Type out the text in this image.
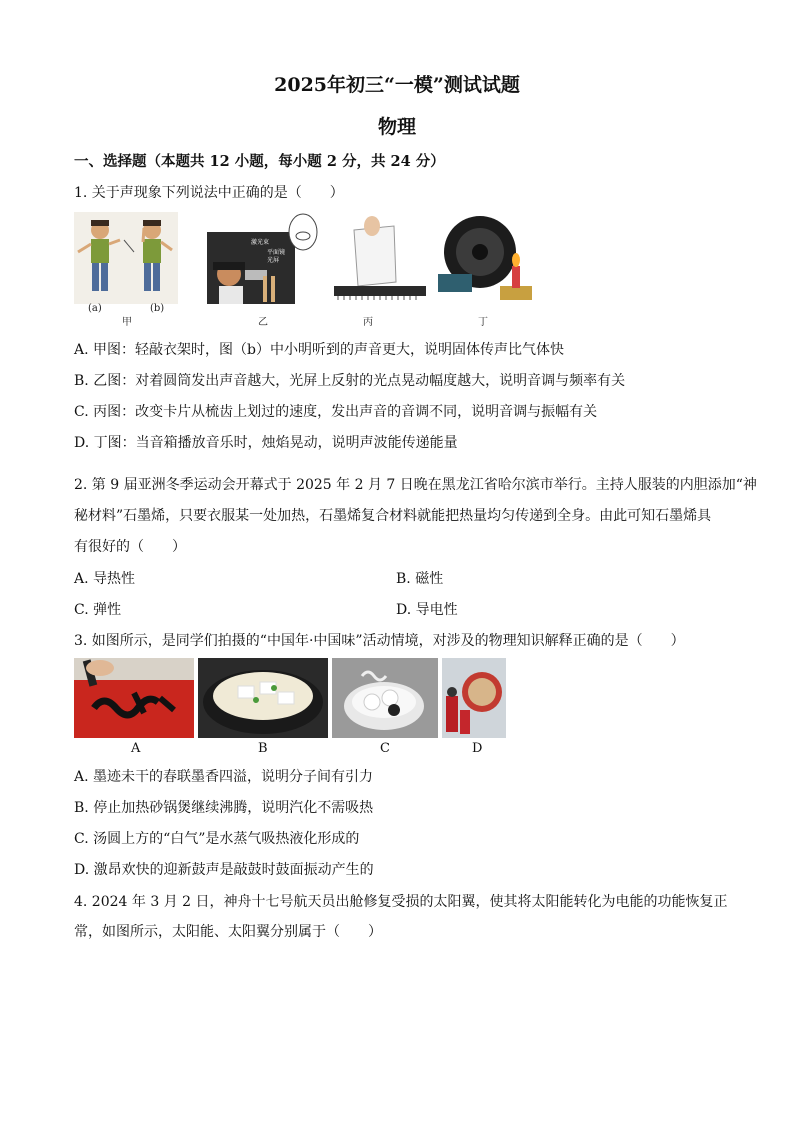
2025年初三“一模”测试试题
物理
一、选择题（本题共 12 小题，每小题 2 分，共 24 分）
1. 关于声现象下列说法中正确的是（　　）
(a)	(b)
甲
激光束
平面镜
光屏
乙	丙	丁
A. 甲图：轻敲衣架时，图（b）中小明听到的声音更大，说明固体传声比气体快
B. 乙图：对着圆筒发出声音越大，光屏上反射的光点晃动幅度越大，说明音调与频率有关
C. 丙图：改变卡片从梳齿上划过的速度，发出声音的音调不同，说明音调与振幅有关
D. 丁图：当音箱播放音乐时，烛焰晃动，说明声波能传递能量
2. 第 9 届亚洲冬季运动会开幕式于 2025 年 2 月 7 日晚在黑龙江省哈尔滨市举行。主持人服装的内胆添加“神
秘材料”石墨烯，只要衣服某一处加热，石墨烯复合材料就能把热量均匀传递到全身。由此可知石墨烯具
有很好的（　　）
A. 导热性	B. 磁性
C. 弹性	D. 导电性
3. 如图所示，是同学们拍摄的“中国年·中国味”活动情境，对涉及的物理知识解释正确的是（　　）
A	B	C	D
A. 墨迹未干的春联墨香四溢，说明分子间有引力
B. 停止加热砂锅煲继续沸腾，说明汽化不需吸热
C. 汤圆上方的“白气”是水蒸气吸热液化形成的
D. 激昂欢快的迎新鼓声是敲鼓时鼓面振动产生的
4. 2024 年 3 月 2 日，神舟十七号航天员出舱修复受损的太阳翼，使其将太阳能转化为电能的功能恢复正
常，如图所示，太阳能、太阳翼分别属于（　　）
